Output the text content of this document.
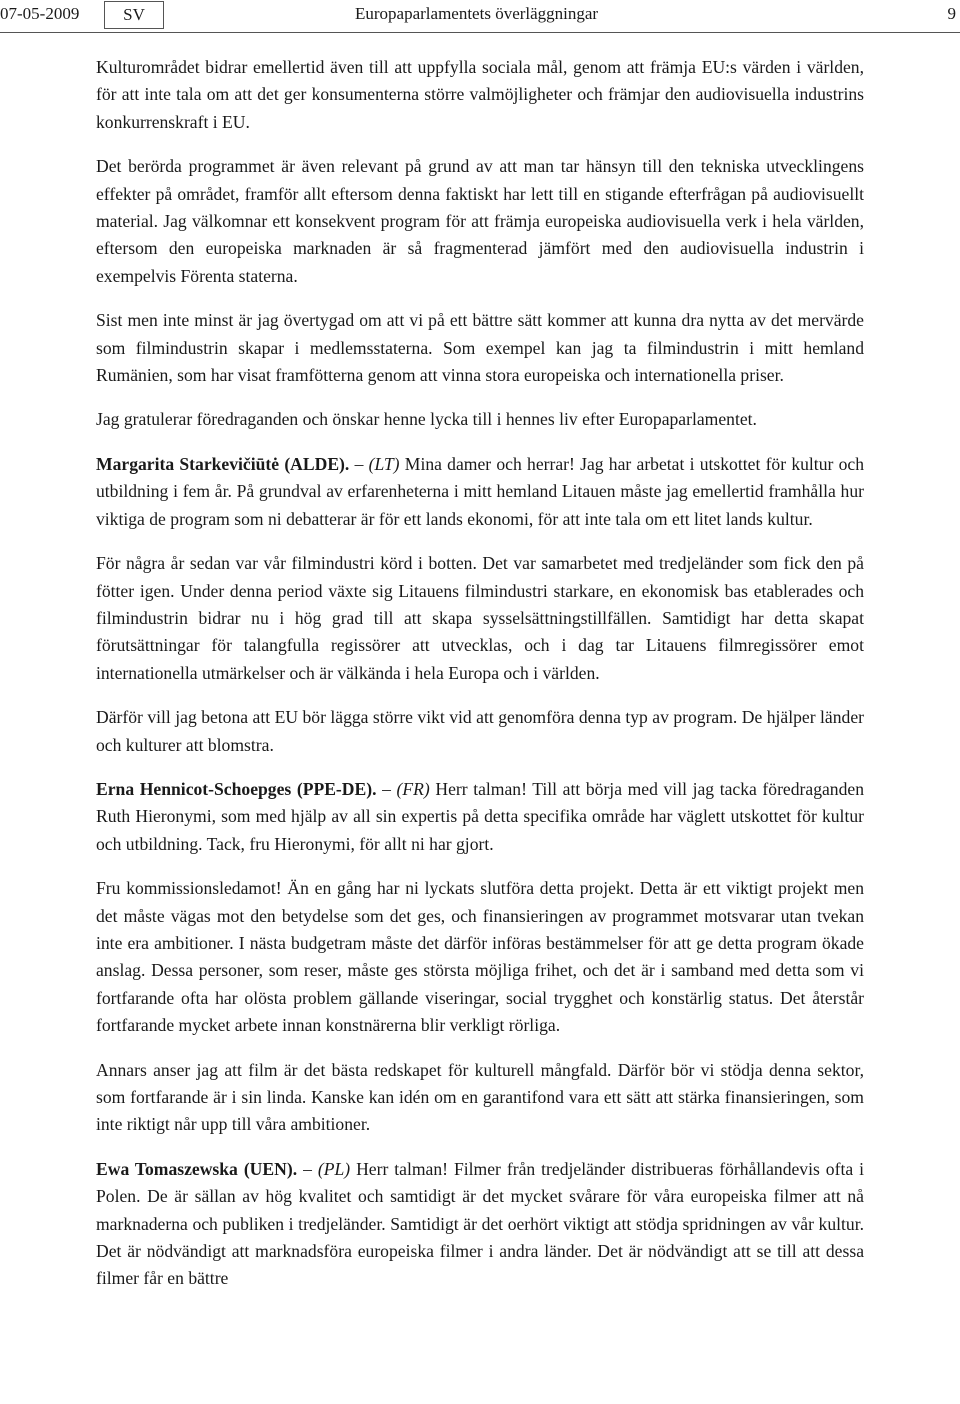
07-05-2009	SV	Europaparlamentets överläggningar	9

Kulturområdet bidrar emellertid även till att uppfylla sociala mål, genom att främja EU:s värden i världen, för att inte tala om att det ger konsumenterna större valmöjligheter och främjar den audiovisuella industrins konkurrenskraft i EU.

Det berörda programmet är även relevant på grund av att man tar hänsyn till den tekniska utvecklingens effekter på området, framför allt eftersom denna faktiskt har lett till en stigande efterfrågan på audiovisuellt material. Jag välkomnar ett konsekvent program för att främja europeiska audiovisuella verk i hela världen, eftersom den europeiska marknaden är så fragmenterad jämfört med den audiovisuella industrin i exempelvis Förenta staterna.

Sist men inte minst är jag övertygad om att vi på ett bättre sätt kommer att kunna dra nytta av det mervärde som filmindustrin skapar i medlemsstaterna. Som exempel kan jag ta filmindustrin i mitt hemland Rumänien, som har visat framfötterna genom att vinna stora europeiska och internationella priser.

Jag gratulerar föredraganden och önskar henne lycka till i hennes liv efter Europaparlamentet.

Margarita Starkevičiūtė (ALDE). – (LT) Mina damer och herrar! Jag har arbetat i utskottet för kultur och utbildning i fem år. På grundval av erfarenheterna i mitt hemland Litauen måste jag emellertid framhålla hur viktiga de program som ni debatterar är för ett lands ekonomi, för att inte tala om ett litet lands kultur.

För några år sedan var vår filmindustri körd i botten. Det var samarbetet med tredjeländer som fick den på fötter igen. Under denna period växte sig Litauens filmindustri starkare, en ekonomisk bas etablerades och filmindustrin bidrar nu i hög grad till att skapa sysselsättningstillfällen. Samtidigt har detta skapat förutsättningar för talangfulla regissörer att utvecklas, och i dag tar Litauens filmregissörer emot internationella utmärkelser och är välkända i hela Europa och i världen.

Därför vill jag betona att EU bör lägga större vikt vid att genomföra denna typ av program. De hjälper länder och kulturer att blomstra.

Erna Hennicot-Schoepges (PPE-DE). – (FR) Herr talman! Till att börja med vill jag tacka föredraganden Ruth Hieronymi, som med hjälp av all sin expertis på detta specifika område har väglett utskottet för kultur och utbildning. Tack, fru Hieronymi, för allt ni har gjort.

Fru kommissionsledamot! Än en gång har ni lyckats slutföra detta projekt. Detta är ett viktigt projekt men det måste vägas mot den betydelse som det ges, och finansieringen av programmet motsvarar utan tvekan inte era ambitioner. I nästa budgetram måste det därför införas bestämmelser för att ge detta program ökade anslag. Dessa personer, som reser, måste ges största möjliga frihet, och det är i samband med detta som vi fortfarande ofta har olösta problem gällande viseringar, social trygghet och konstärlig status. Det återstår fortfarande mycket arbete innan konstnärerna blir verkligt rörliga.

Annars anser jag att film är det bästa redskapet för kulturell mångfald. Därför bör vi stödja denna sektor, som fortfarande är i sin linda. Kanske kan idén om en garantifond vara ett sätt att stärka finansieringen, som inte riktigt når upp till våra ambitioner.

Ewa Tomaszewska (UEN). – (PL) Herr talman! Filmer från tredjeländer distribueras förhållandevis ofta i Polen. De är sällan av hög kvalitet och samtidigt är det mycket svårare för våra europeiska filmer att nå marknaderna och publiken i tredjeländer. Samtidigt är det oerhört viktigt att stödja spridningen av vår kultur. Det är nödvändigt att marknadsföra europeiska filmer i andra länder. Det är nödvändigt att se till att dessa filmer får en bättre
